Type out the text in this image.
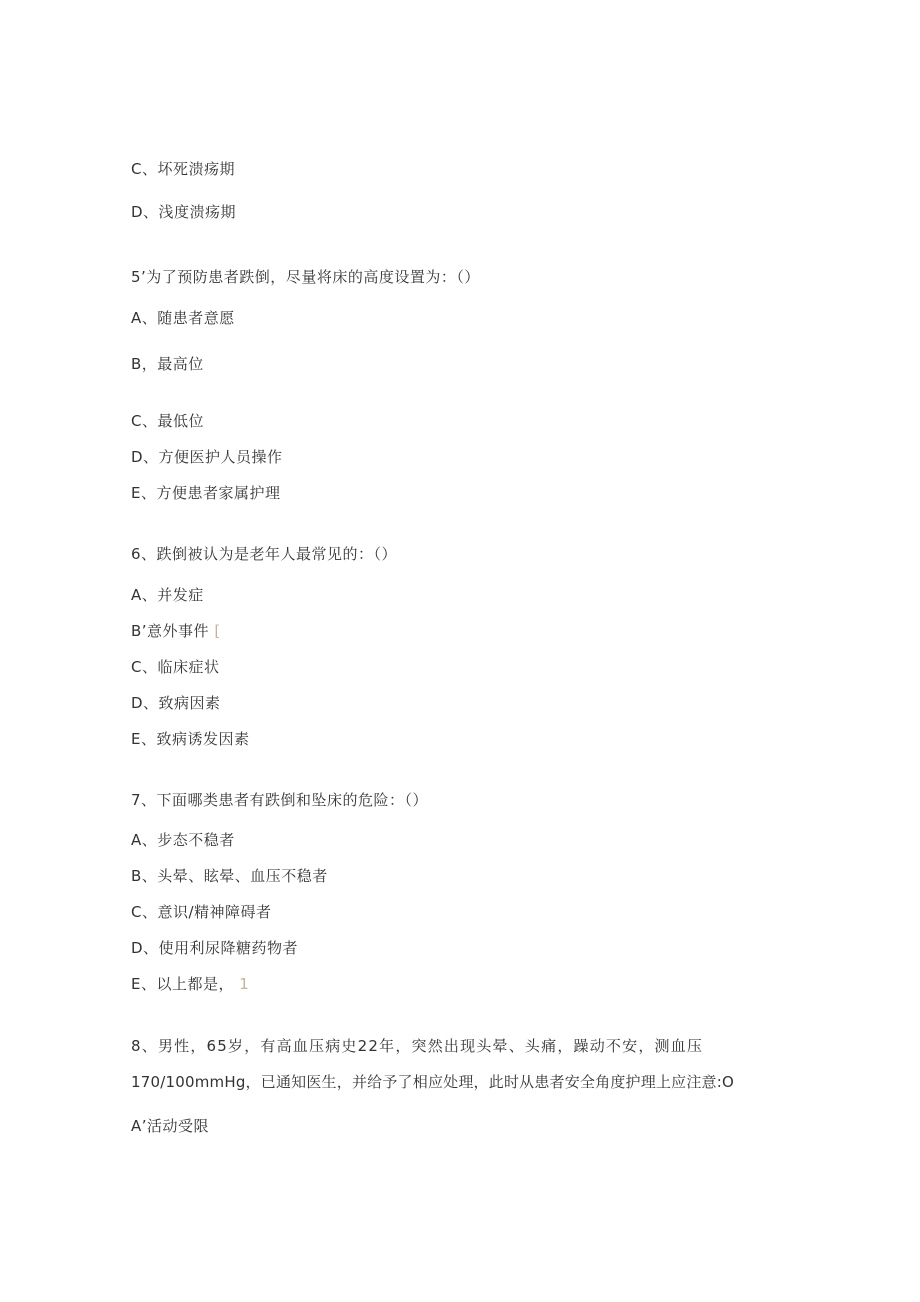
C、坏死溃疡期
D、浅度溃疡期
5’为了预防患者跌倒，尽量将床的高度设置为：（）
A、随患者意愿
B，最高位
C、最低位
D、方便医护人员操作
E、方便患者家属护理
6、跌倒被认为是老年人最常见的：（）
A、并发症
B’意外事件 [
C、临床症状
D、致病因素
E、致病诱发因素
7、下面哪类患者有跌倒和坠床的危险：（）
A、步态不稳者
B、头晕、眩晕、血压不稳者
C、意识/精神障碍者
D、使用利尿降糖药物者
E、以上都是， 1
8、男性，65岁，有高血压病史22年，突然出现头晕、头痛，躁动不安，测血压
170/100mmHg，已通知医生，并给予了相应处理，此时从患者安全角度护理上应注意:O
A’活动受限
